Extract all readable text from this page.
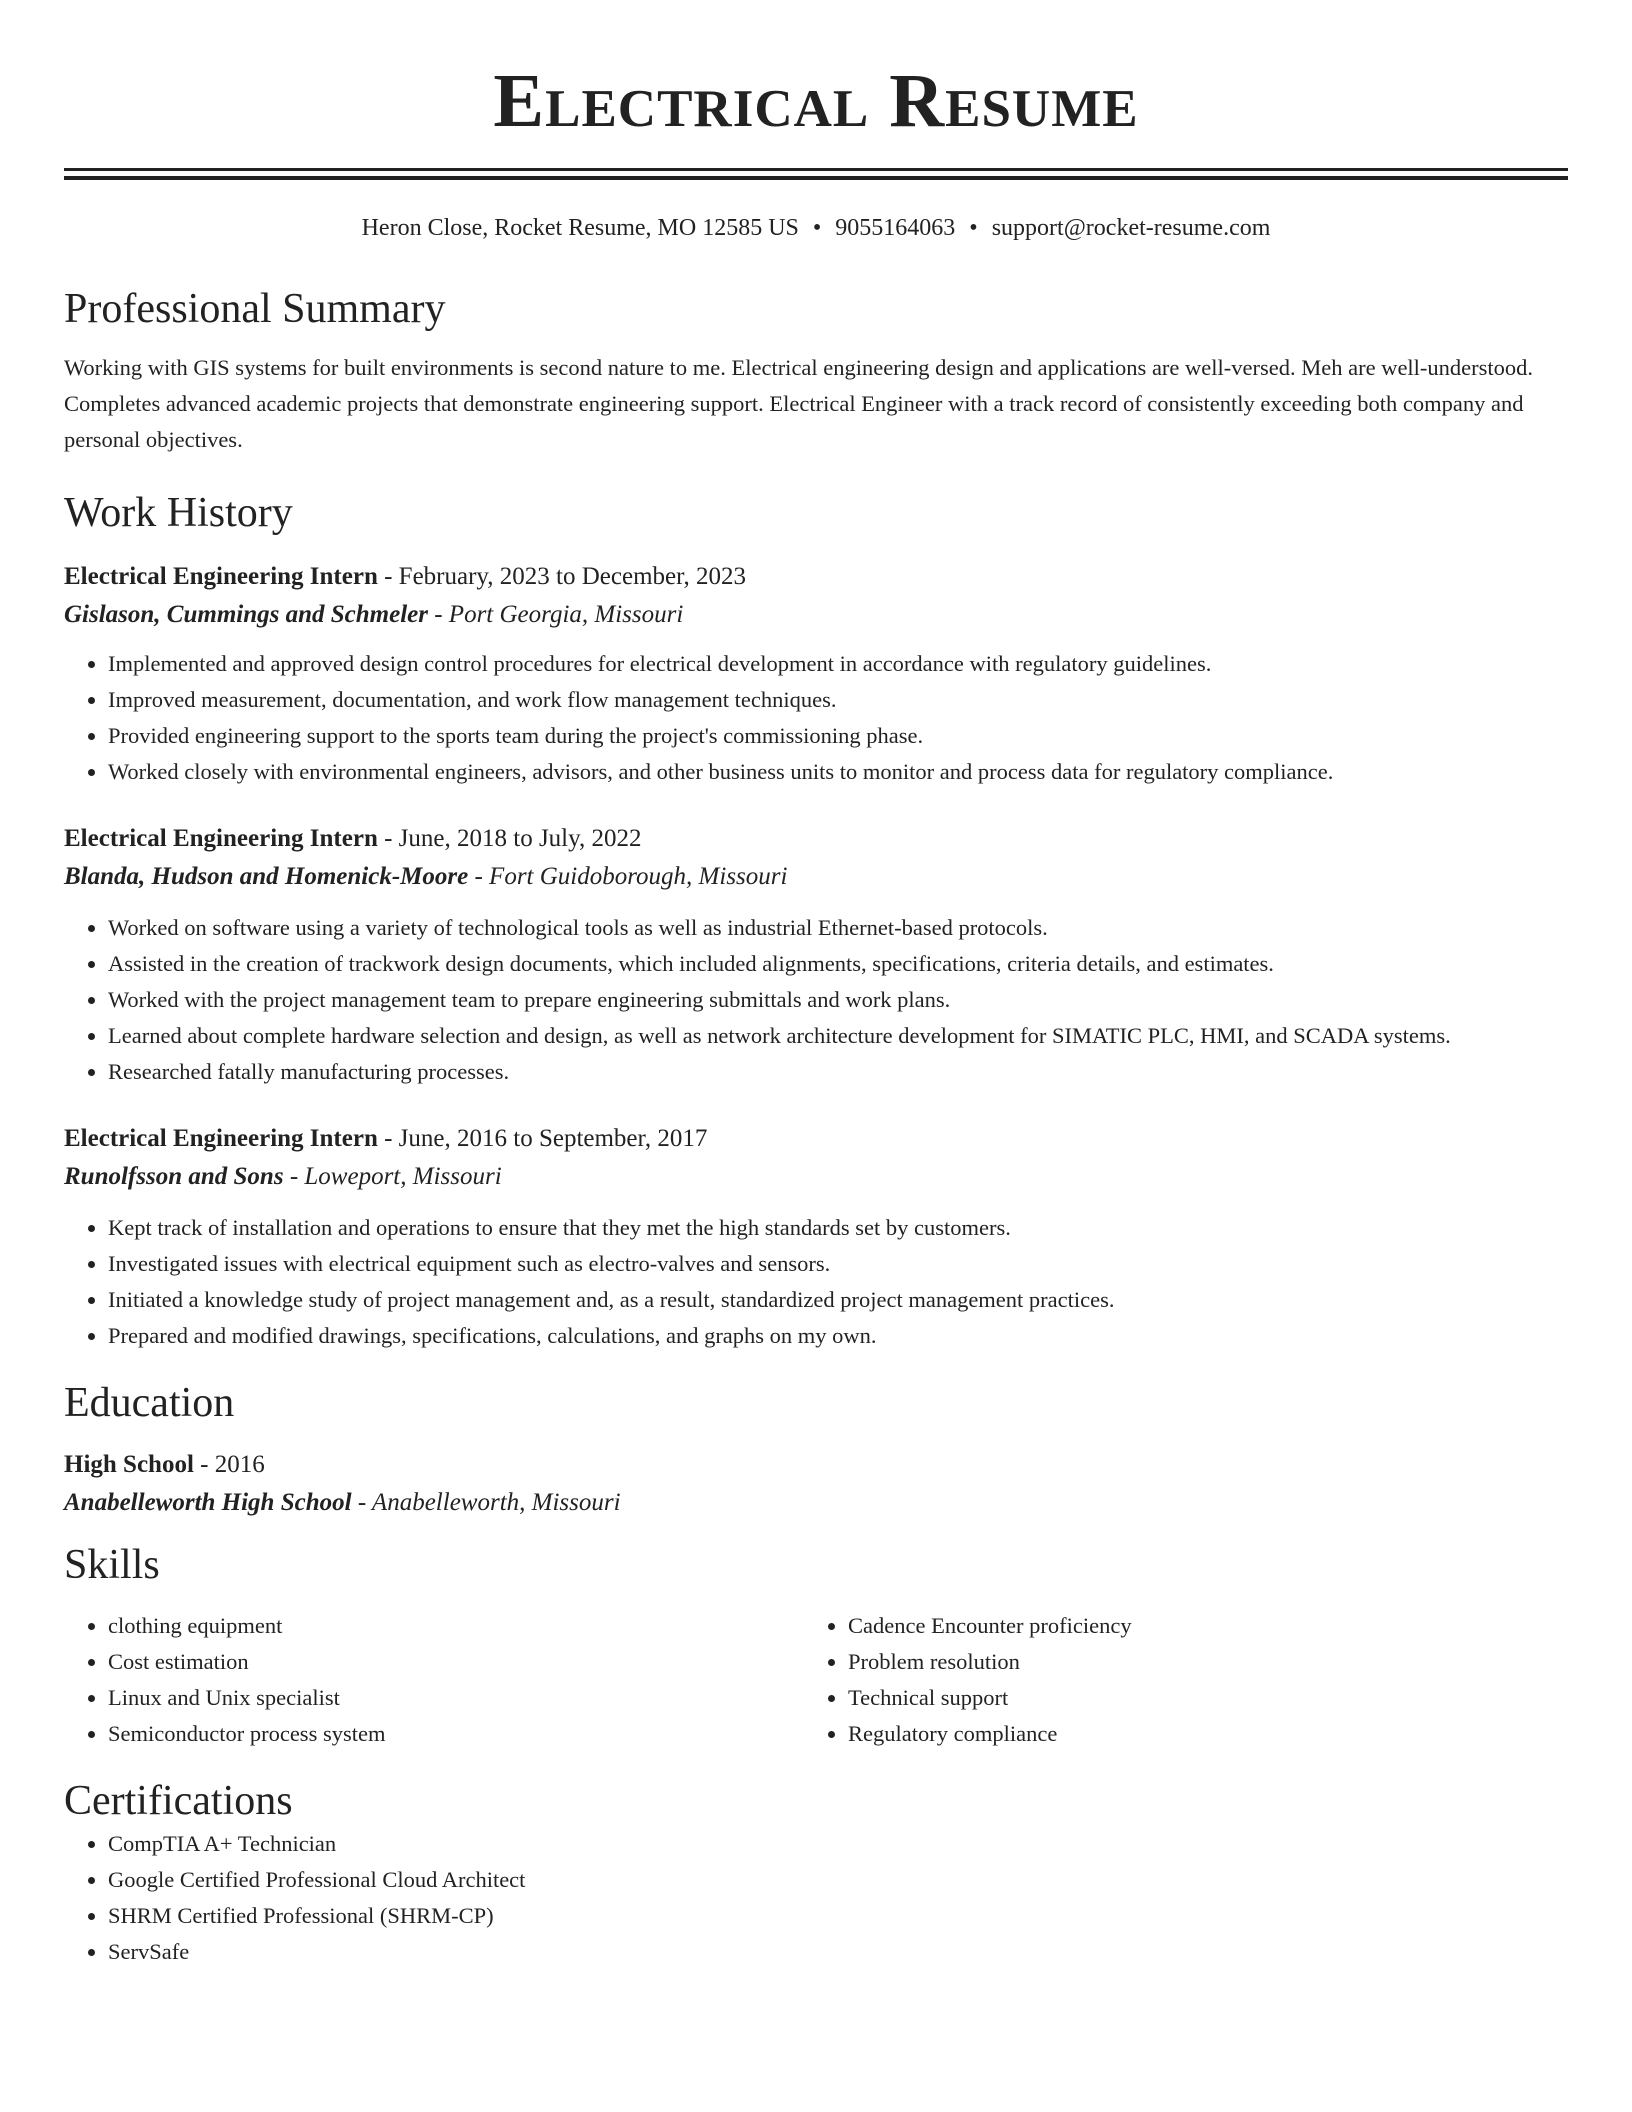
Electrical Resume
Heron Close, Rocket Resume, MO 12585 US • 9055164063 • support@rocket-resume.com
Professional Summary
Working with GIS systems for built environments is second nature to me. Electrical engineering design and applications are well-versed. Meh are well-understood. Completes advanced academic projects that demonstrate engineering support. Electrical Engineer with a track record of consistently exceeding both company and personal objectives.
Work History
Electrical Engineering Intern - February, 2023 to December, 2023
Gislason, Cummings and Schmeler - Port Georgia, Missouri
• Implemented and approved design control procedures for electrical development in accordance with regulatory guidelines.
• Improved measurement, documentation, and work flow management techniques.
• Provided engineering support to the sports team during the project's commissioning phase.
• Worked closely with environmental engineers, advisors, and other business units to monitor and process data for regulatory compliance.
Electrical Engineering Intern - June, 2018 to July, 2022
Blanda, Hudson and Homenick-Moore - Fort Guidoborough, Missouri
• Worked on software using a variety of technological tools as well as industrial Ethernet-based protocols.
• Assisted in the creation of trackwork design documents, which included alignments, specifications, criteria details, and estimates.
• Worked with the project management team to prepare engineering submittals and work plans.
• Learned about complete hardware selection and design, as well as network architecture development for SIMATIC PLC, HMI, and SCADA systems.
• Researched fatally manufacturing processes.
Electrical Engineering Intern - June, 2016 to September, 2017
Runolfsson and Sons - Loweport, Missouri
• Kept track of installation and operations to ensure that they met the high standards set by customers.
• Investigated issues with electrical equipment such as electro-valves and sensors.
• Initiated a knowledge study of project management and, as a result, standardized project management practices.
• Prepared and modified drawings, specifications, calculations, and graphs on my own.
Education
High School - 2016
Anabelleworth High School - Anabelleworth, Missouri
Skills
• clothing equipment
• Cost estimation
• Linux and Unix specialist
• Semiconductor process system
• Cadence Encounter proficiency
• Problem resolution
• Technical support
• Regulatory compliance
Certifications
• CompTIA A+ Technician
• Google Certified Professional Cloud Architect
• SHRM Certified Professional (SHRM-CP)
• ServSafe
